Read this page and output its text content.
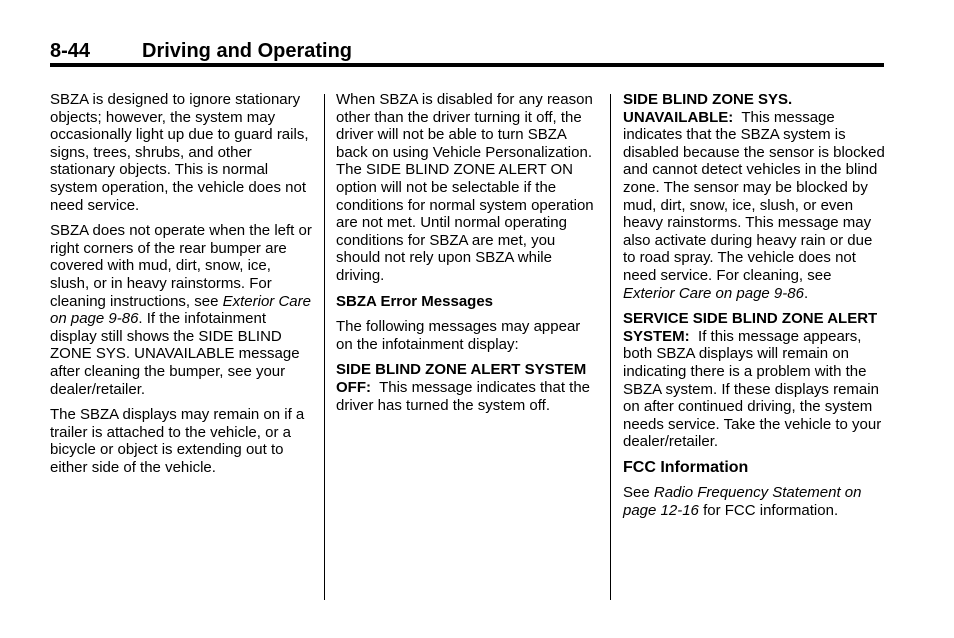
8-44	Driving and Operating

SBZA is designed to ignore stationary objects; however, the system may occasionally light up due to guard rails, signs, trees, shrubs, and other stationary objects. This is normal system operation, the vehicle does not need service.

SBZA does not operate when the left or right corners of the rear bumper are covered with mud, dirt, snow, ice, slush, or in heavy rainstorms. For cleaning instructions, see Exterior Care on page 9-86. If the infotainment display still shows the SIDE BLIND ZONE SYS. UNAVAILABLE message after cleaning the bumper, see your dealer/retailer.

The SBZA displays may remain on if a trailer is attached to the vehicle, or a bicycle or object is extending out to either side of the vehicle.

When SBZA is disabled for any reason other than the driver turning it off, the driver will not be able to turn SBZA back on using Vehicle Personalization. The SIDE BLIND ZONE ALERT ON option will not be selectable if the conditions for normal system operation are not met. Until normal operating conditions for SBZA are met, you should not rely upon SBZA while driving.

SBZA Error Messages

The following messages may appear on the infotainment display:

SIDE BLIND ZONE ALERT SYSTEM OFF: This message indicates that the driver has turned the system off.

SIDE BLIND ZONE SYS. UNAVAILABLE: This message indicates that the SBZA system is disabled because the sensor is blocked and cannot detect vehicles in the blind zone. The sensor may be blocked by mud, dirt, snow, ice, slush, or even heavy rainstorms. This message may also activate during heavy rain or due to road spray. The vehicle does not need service. For cleaning, see Exterior Care on page 9-86.

SERVICE SIDE BLIND ZONE ALERT SYSTEM: If this message appears, both SBZA displays will remain on indicating there is a problem with the SBZA system. If these displays remain on after continued driving, the system needs service. Take the vehicle to your dealer/retailer.

FCC Information

See Radio Frequency Statement on page 12-16 for FCC information.
